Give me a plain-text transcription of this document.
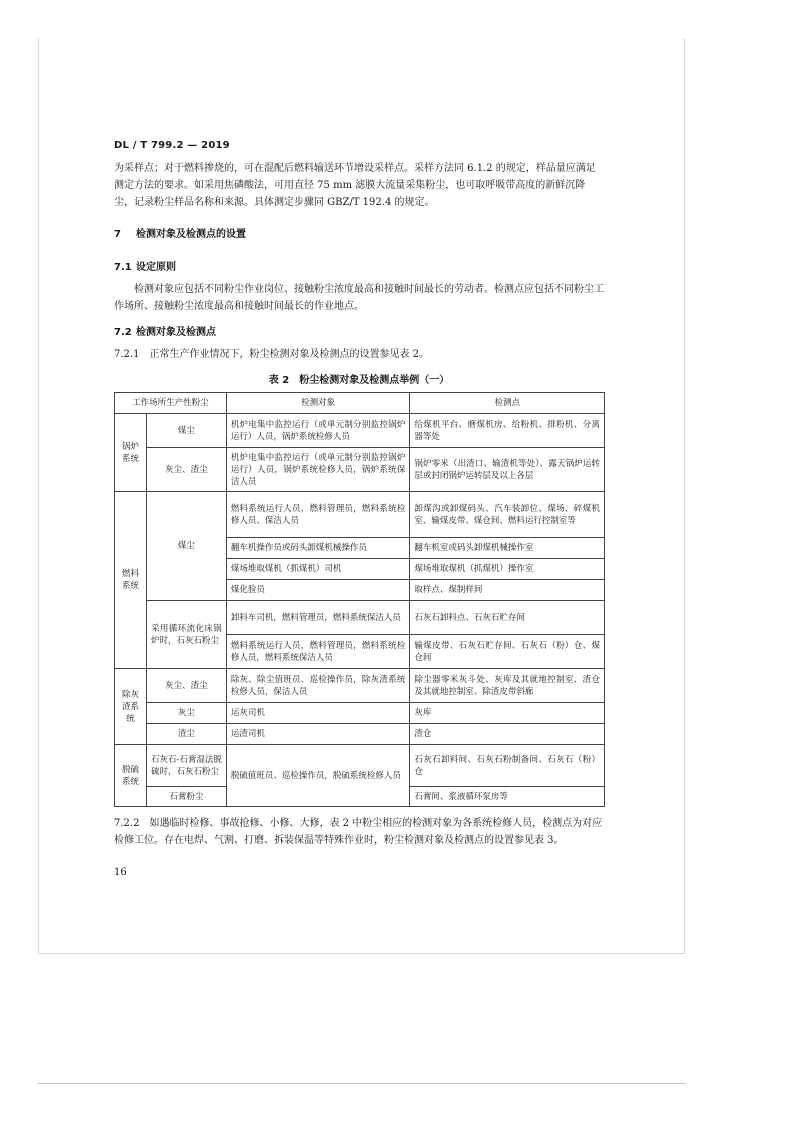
DL / T 799.2 — 2019

为采样点；对于燃料掺烧的，可在混配后燃料输送环节增设采样点。采样方法同 6.1.2 的规定，样品量应满足测定方法的要求。如采用焦磷酸法，可用直径 75 mm 滤膜大流量采集粉尘，也可取呼吸带高度的新鲜沉降尘，记录粉尘样品名称和来源。具体测定步骤同 GBZ/T 192.4 的规定。

7 检测对象及检测点的设置
7.1 设定原则

检测对象应包括不同粉尘作业岗位、接触粉尘浓度最高和接触时间最长的劳动者。检测点应包括不同粉尘工作场所、接触粉尘浓度最高和接触时间最长的作业地点。

7.2 检测对象及检测点
7.2.1　 正常生产作业情况下，粉尘检测对象及检测点的设置参见表 2。
表 2　粉尘检测对象及检测点举例（一）
工作场所生产性粉尘		检测对象	检测点
锅炉系统	煤尘	机炉电集中监控运行（或单元制分别监控锅炉运行）人员，锅炉系统检修人员	给煤机平台、磨煤机房、给粉机、排粉机、分离器等处
	灰尘、渣尘	机炉电集中监控运行（或单元制分别监控锅炉运行）人员，锅炉系统检修人员，锅炉系统保洁人员	锅炉零米（出渣口、输渣机等处）、露天锅炉运转层或封闭锅炉运转层及以上各层
燃料系统	煤尘	燃料系统运行人员，燃料管理员，燃料系统检修人员、保洁人员	卸煤沟或卸煤码头、汽车装卸位、煤场、碎煤机室、输煤皮带、煤仓间、燃料运行控制室等
		翻车机操作员或码头卸煤机械操作员	翻车机室或码头卸煤机械操作室
		煤场堆取煤机（抓煤机）司机	煤场堆取煤机（抓煤机）操作室
		煤化验员	取样点、煤制样间
	采用循环流化床锅炉时，石灰石粉尘	卸料车司机，燃料管理员，燃料系统保洁人员	石灰石卸料点、石灰石贮存间
		燃料系统运行人员，燃料管理员，燃料系统检修人员，燃料系统保洁人员	输煤皮带、石灰石贮存间、石灰石（粉）仓、煤仓间
除灰渣系统	灰尘、渣尘	除灰、除尘值班员、巡检操作员，除灰渣系统检修人员，保洁人员	除尘器零米灰斗处、灰库及其就地控制室、渣仓及其就地控制室、除渣皮带斜廊
	灰尘	运灰司机	灰库
	渣尘	运渣司机	渣仓
脱硫系统	石灰石-石膏湿法脱硫时，石灰石粉尘	脱硫值班员、巡检操作员，脱硫系统检修人员	石灰石卸料间、石灰石粉制备间、石灰石（粉）仓
	石膏粉尘		石膏间、浆液循环泵房等
7.2.2　 如遇临时检修、事故抢修、小修、大修，表 2 中粉尘相应的检测对象为各系统检修人员，检测点为对应检修工位。存在电焊、气割、打磨、拆装保温等特殊作业时，粉尘检测对象及检测点的设置参见表 3。
16
